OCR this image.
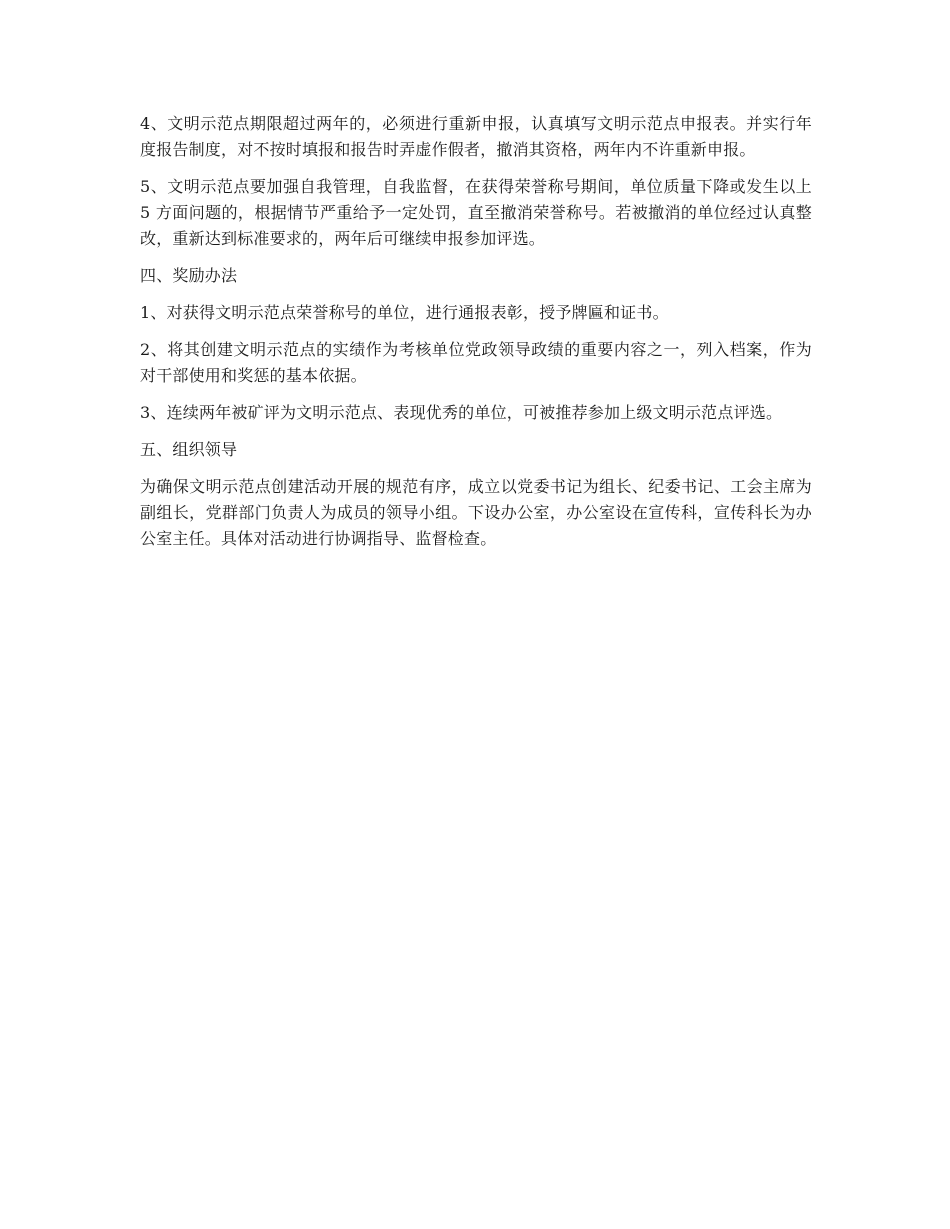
4、文明示范点期限超过两年的，必须进行重新申报，认真填写文明示范点申报表。并实行年度报告制度，对不按时填报和报告时弄虚作假者，撤消其资格，两年内不许重新申报。

5、文明示范点要加强自我管理，自我监督，在获得荣誉称号期间，单位质量下降或发生以上 5 方面问题的，根据情节严重给予一定处罚，直至撤消荣誉称号。若被撤消的单位经过认真整改，重新达到标准要求的，两年后可继续申报参加评选。

四、奖励办法

1、对获得文明示范点荣誉称号的单位，进行通报表彰，授予牌匾和证书。

2、将其创建文明示范点的实绩作为考核单位党政领导政绩的重要内容之一，列入档案，作为对干部使用和奖惩的基本依据。

3、连续两年被矿评为文明示范点、表现优秀的单位，可被推荐参加上级文明示范点评选。

五、组织领导

为确保文明示范点创建活动开展的规范有序，成立以党委书记为组长、纪委书记、工会主席为副组长，党群部门负责人为成员的领导小组。下设办公室，办公室设在宣传科，宣传科长为办公室主任。具体对活动进行协调指导、监督检查。
